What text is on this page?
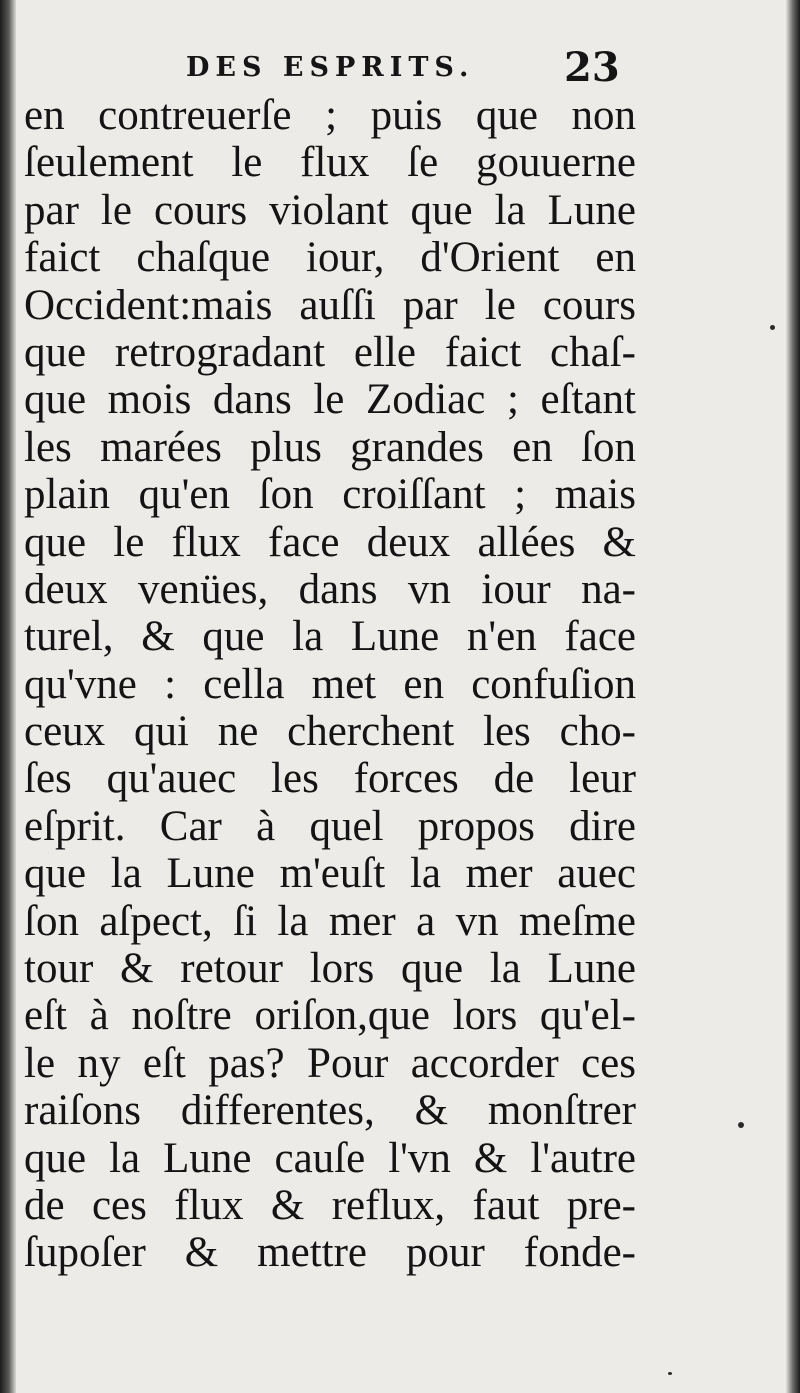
DES ESPRITS. 23
en contreuerſe ; puis que non
ſeulement le flux ſe gouuerne
par le cours violant que la Lune
faict chaſque iour, d'Orient en
Occident:mais auſſi par le cours
que retrogradant elle faict chaſ-
que mois dans le Zodiac ; eſtant
les marées plus grandes en ſon
plain qu'en ſon croiſſant ; mais
que le flux face deux allées &
deux venües, dans vn iour na-
turel, & que la Lune n'en face
qu'vne : cella met en confuſion
ceux qui ne cherchent les cho-
ſes qu'auec les forces de leur
eſprit. Car à quel propos dire
que la Lune m'euſt la mer auec
ſon aſpect, ſi la mer a vn meſme
tour & retour lors que la Lune
eſt à noſtre oriſon,que lors qu'el-
le ny eſt pas? Pour accorder ces
raiſons differentes, & monſtrer
que la Lune cauſe l'vn & l'autre
de ces flux & reflux, faut pre-
ſupoſer & mettre pour fonde-
